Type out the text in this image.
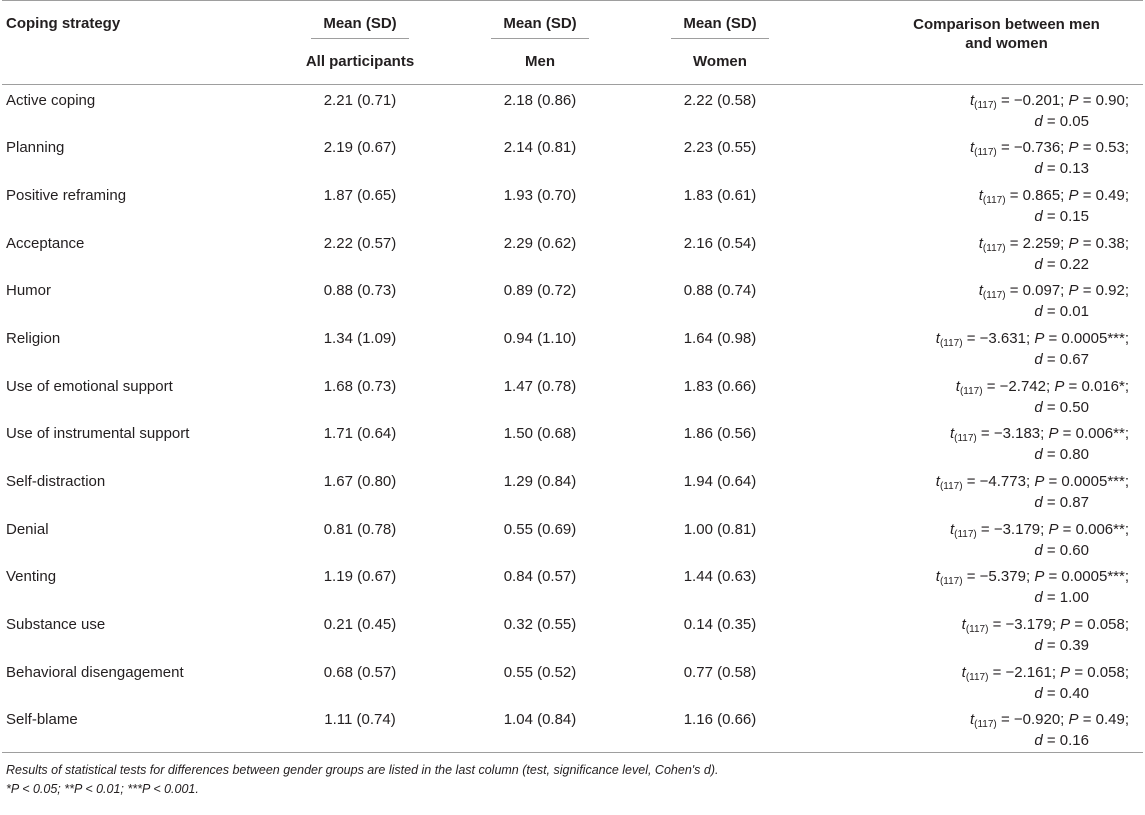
Coping strategy	Mean (SD)	Mean (SD)	Mean (SD)	Comparison between men and women
	All participants	Men	Women	
Active coping	2.21 (0.71)	2.18 (0.86)	2.22 (0.58)	$t_{(117)} = -0.201$; P = 0.90;
d = 0.05

Planning	2.19 (0.67)	2.14 (0.81)	2.23 (0.55)	$t_{(117)} = -0.736$; P = 0.53;
d = 0.13

Positive reframing	1.87 (0.65)	1.93 (0.70)	1.83 (0.61)	$t_{(117)} = 0.865$; P = 0.49;
d = 0.15

Acceptance	2.22 (0.57)	2.29 (0.62)	2.16 (0.54)	$t_{(117)} = 2.259$; P = 0.38;
d = 0.22

Humor	0.88 (0.73)	0.89 (0.72)	0.88 (0.74)	$t_{(117)} = 0.097$; P = 0.92;
d = 0.01

Religion	1.34 (1.09)	0.94 (1.10)	1.64 (0.98)	$t_{(117)} = -3.631$; P = 0.0005***;
d = 0.67

Use of emotional support	1.68 (0.73)	1.47 (0.78)	1.83 (0.66)	$t_{(117)} = -2.742$; P = 0.016*;
d = 0.50

Use of instrumental support	1.71 (0.64)	1.50 (0.68)	1.86 (0.56)	$t_{(117)} = -3.183$; P = 0.006**;
d = 0.80

Self-distraction	1.67 (0.80)	1.29 (0.84)	1.94 (0.64)	$t_{(117)} = -4.773$; P = 0.0005***;
d = 0.87

Denial	0.81 (0.78)	0.55 (0.69)	1.00 (0.81)	$t_{(117)} = -3.179$; P = 0.006**;
d = 0.60

Venting	1.19 (0.67)	0.84 (0.57)	1.44 (0.63)	$t_{(117)} = -5.379$; P = 0.0005***;
d = 1.00

Substance use	0.21 (0.45)	0.32 (0.55)	0.14 (0.35)	$t_{(117)} = -3.179$; P = 0.058;
d = 0.39

Behavioral disengagement	0.68 (0.57)	0.55 (0.52)	0.77 (0.58)	$t_{(117)} = -2.161$; P = 0.058;
d = 0.40

Self-blame	1.11 (0.74)	1.04 (0.84)	1.16 (0.66)	$t_{(117)} = -0.920$; P = 0.49;
d = 0.16
Results of statistical tests for differences between gender groups are listed in the last column (test, significance level, Cohen's d).
*P < 0.05; **P < 0.01; ***P < 0.001.
